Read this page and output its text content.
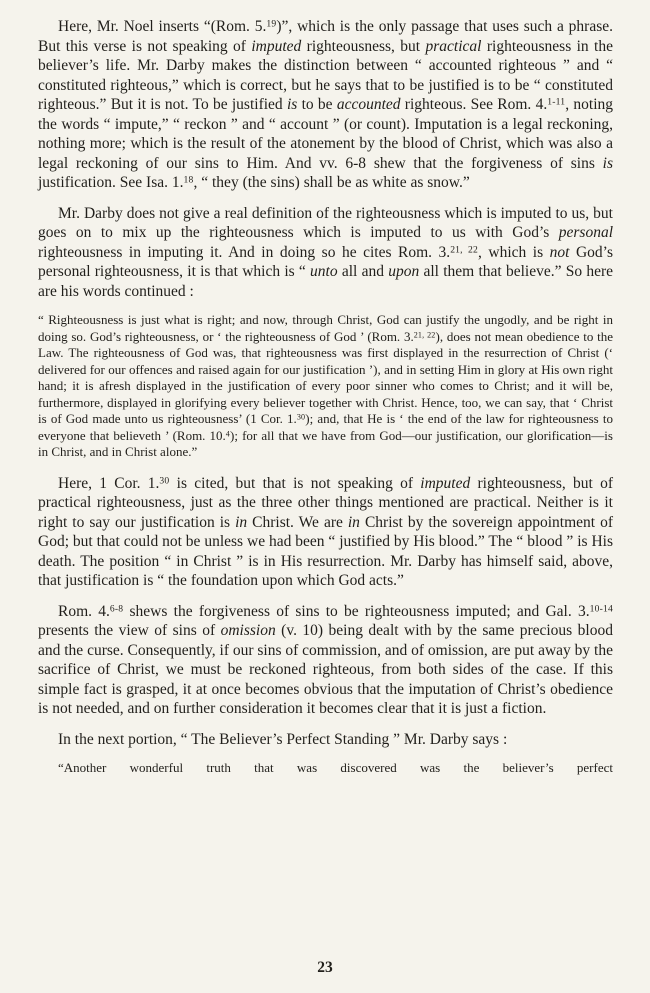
Here, Mr. Noel inserts “(Rom. 5.19)”, which is the only passage that uses such a phrase. But this verse is not speaking of imputed righteousness, but practical righteousness in the believer’s life. Mr. Darby makes the distinction between “ accounted righteous ” and “ constituted righteous,” which is correct, but he says that to be justified is to be “ constituted righteous.” But it is not. To be justified is to be accounted righteous. See Rom. 4.$^{1-11}$, noting the words “ impute,” “ reckon ” and “ account ” (or count). Imputation is a legal reckoning, nothing more; which is the result of the atonement by the blood of Christ, which was also a legal reckoning of our sins to Him. And vv. 6-8 shew that the forgiveness of sins is justification. See Isa. 1.18, “ they (the sins) shall be as white as snow.”

Mr. Darby does not give a real definition of the righteousness which is imputed to us, but goes on to mix up the righteousness which is imputed to us with God’s personal righteousness in imputing it. And in doing so he cites Rom. 3.$^{21, 22}$, which is not God’s personal righteousness, it is that which is “ unto all and upon all them that believe.” So here are his words continued :

“ Righteousness is just what is right; and now, through Christ, God can justify the ungodly, and be right in doing so. God’s righteousness, or ‘ the righteousness of God ’ (Rom. 3.$^{21, 22}$), does not mean obedience to the Law. The righteousness of God was, that righteousness was first displayed in the resurrection of Christ (‘ delivered for our offences and raised again for our justification ’), and in setting Him in glory at His own right hand; it is afresh displayed in the justification of every poor sinner who comes to Christ; and it will be, furthermore, displayed in glorifying every believer together with Christ. Hence, too, we can say, that ‘ Christ is of God made unto us righteousness’ (1 Cor. 1.30); and, that He is ‘ the end of the law for righteousness to everyone that believeth ’ (Rom. 10.$^4$); for all that we have from God—our justification, our glorification—is in Christ, and in Christ alone.”

Here, 1 Cor. 1.30 is cited, but that is not speaking of imputed righteousness, but of practical righteousness, just as the three other things mentioned are practical. Neither is it right to say our justification is in Christ. We are in Christ by the sovereign appointment of God; but that could not be unless we had been “ justified by His blood.” The “ blood ” is His death. The position “ in Christ ” is in His resurrection. Mr. Darby has himself said, above, that justification is “ the foundation upon which God acts.”

Rom. 4.$^{6-8}$ shews the forgiveness of sins to be righteousness imputed; and Gal. 3.$^{10-14}$ presents the view of sins of omission (v. 10) being dealt with by the same precious blood and the curse. Consequently, if our sins of commission, and of omission, are put away by the sacrifice of Christ, we must be reckoned righteous, from both sides of the case. If this simple fact is grasped, it at once becomes obvious that the imputation of Christ’s obedience is not needed, and on further consideration it becomes clear that it is just a fiction.

In the next portion, “ The Believer’s Perfect Standing ” Mr. Darby says :

“Another wonderful truth that was discovered was the believer’s perfect

23
